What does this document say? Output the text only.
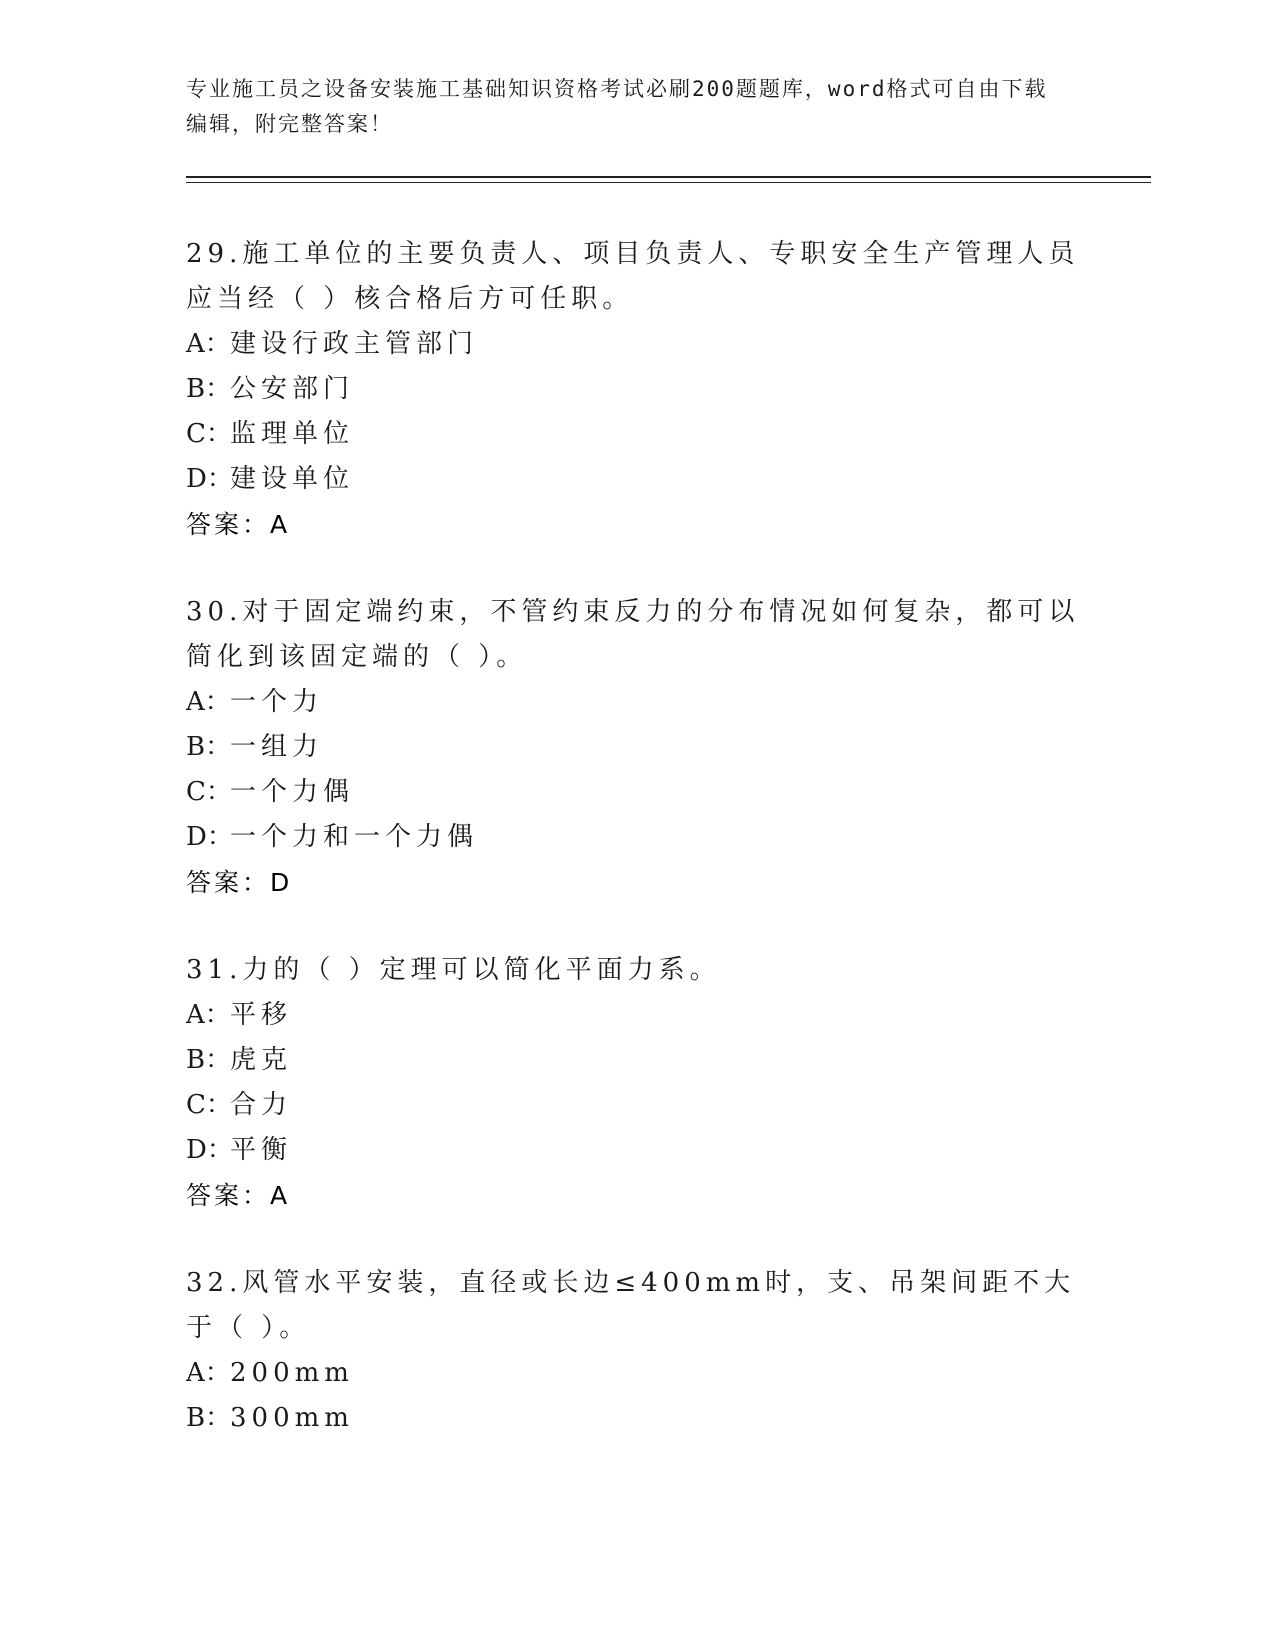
专业施工员之设备安装施工基础知识资格考试必刷200题题库，word格式可自由下载编辑，附完整答案！

29.施工单位的主要负责人、项目负责人、专职安全生产管理人员应当经（ ）核合格后方可任职。

A：建设行政主管部门

B：公安部门

C：监理单位

D：建设单位

答案：A

30.对于固定端约束，不管约束反力的分布情况如何复杂，都可以简化到该固定端的（ ）。

A：一个力

B：一组力

C：一个力偶

D：一个力和一个力偶

答案：D

31.力的（ ）定理可以简化平面力系。

A：平移

B：虎克

C：合力

D：平衡

答案：A

32.风管水平安装，直径或长边≤400mm时，支、吊架间距不大于（ ）。

A：200mm

B：300mm
